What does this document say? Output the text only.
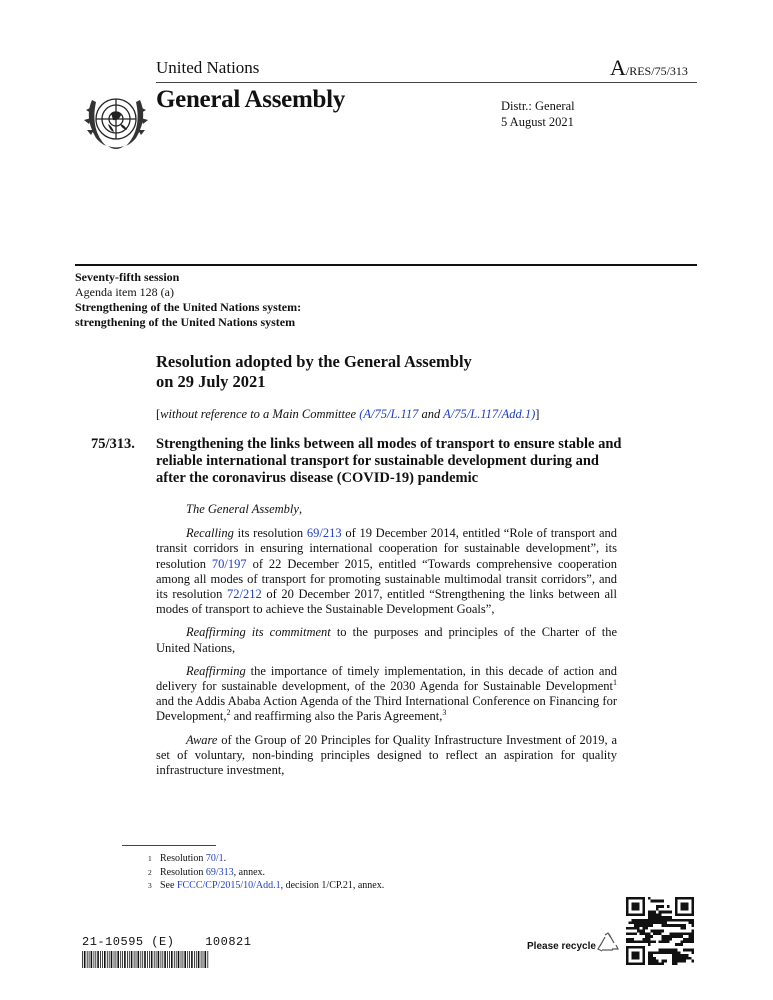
United Nations	A/RES/75/313
General Assembly	Distr.: General
5 August 2021
Seventy-fifth session
Agenda item 128 (a)
Strengthening of the United Nations system:
strengthening of the United Nations system
Resolution adopted by the General Assembly
on 29 July 2021
[without reference to a Main Committee (A/75/L.117 and A/75/L.117/Add.1)]
75/313. Strengthening the links between all modes of transport to ensure stable and reliable international transport for sustainable development during and after the coronavirus disease (COVID-19) pandemic

The General Assembly,

Recalling its resolution 69/213 of 19 December 2014, entitled “Role of transport and transit corridors in ensuring international cooperation for sustainable development”, its resolution 70/197 of 22 December 2015, entitled “Towards comprehensive cooperation among all modes of transport for promoting sustainable multimodal transit corridors”, and its resolution 72/212 of 20 December 2017, entitled “Strengthening the links between all modes of transport to achieve the Sustainable Development Goals”,

Reaffirming its commitment to the purposes and principles of the Charter of the United Nations,

Reaffirming the importance of timely implementation, in this decade of action and delivery for sustainable development, of the 2030 Agenda for Sustainable Development$^1$ and the Addis Ababa Action Agenda of the Third International Conference on Financing for Development,$^2$ and reaffirming also the Paris Agreement,$^3$

Aware of the Group of 20 Principles for Quality Infrastructure Investment of 2019, a set of voluntary, non-binding principles designed to reflect an aspiration for quality infrastructure investment,

1 Resolution 70/1.
2 Resolution 69/313, annex.
3 See FCCC/CP/2015/10/Add.1, decision 1/CP.21, annex.
21-10595 (E)    100821	Please recycle
